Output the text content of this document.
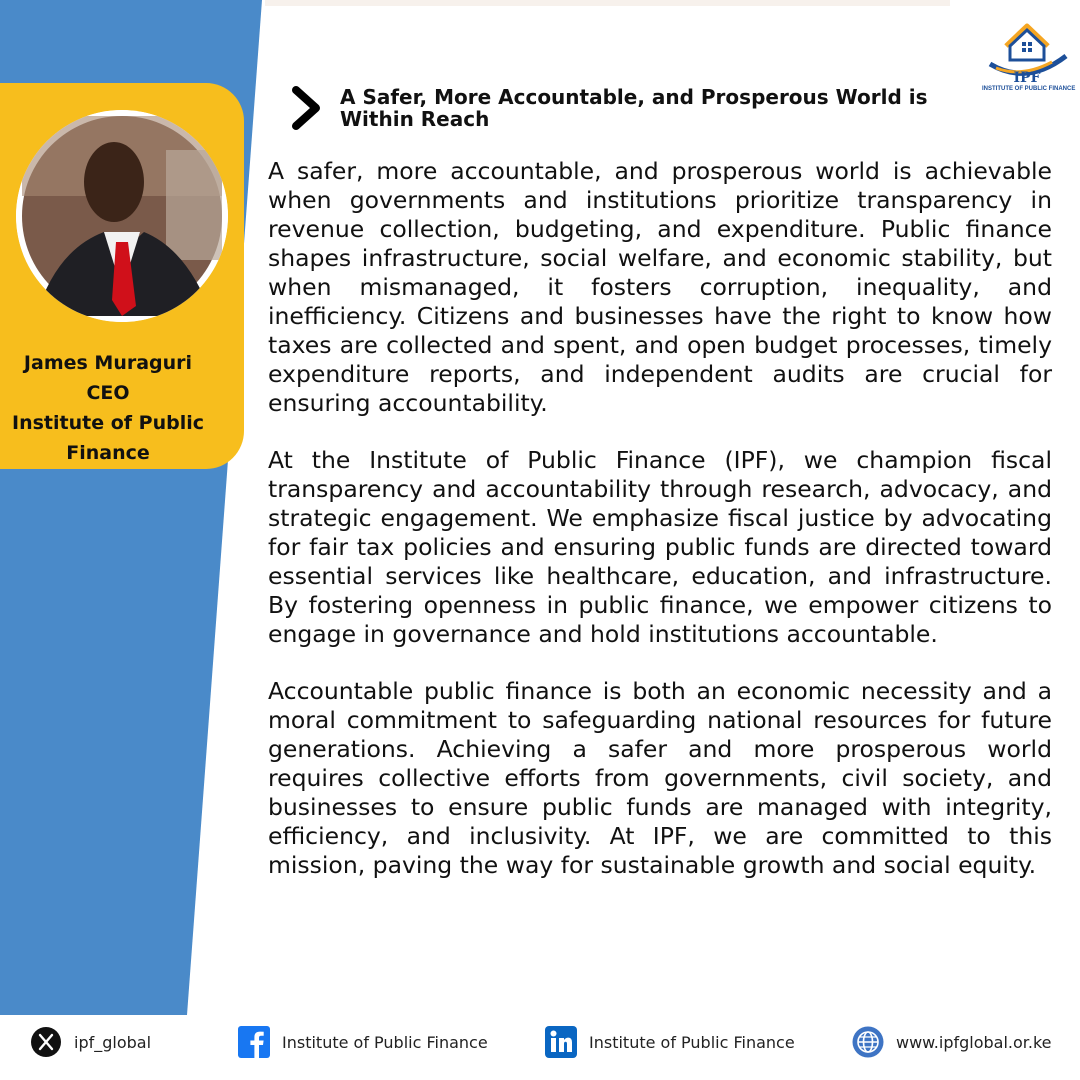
James Muraguri
CEO
Institute of Public
Finance
IPF
INSTITUTE OF PUBLIC FINANCE
A Safer, More Accountable, and Prosperous World is
Within Reach

A safer, more accountable, and prosperous world is achievable when governments and institutions prioritize transparency in revenue collection, budgeting, and expenditure. Public finance shapes infrastructure, social welfare, and economic stability, but when mismanaged, it fosters corruption, inequality, and inefficiency. Citizens and businesses have the right to know how taxes are collected and spent, and open budget processes, timely expenditure reports, and independent audits are crucial for ensuring accountability.

At the Institute of Public Finance (IPF), we champion fiscal transparency and accountability through research, advocacy, and strategic engagement. We emphasize fiscal justice by advocating for fair tax policies and ensuring public funds are directed toward essential services like healthcare, education, and infrastructure. By fostering openness in public finance, we empower citizens to engage in governance and hold institutions accountable.

Accountable public finance is both an economic necessity and a moral commitment to safeguarding national resources for future generations. Achieving a safer and more prosperous world requires collective efforts from governments, civil society, and businesses to ensure public funds are managed with integrity, efficiency, and inclusivity. At IPF, we are committed to this mission, paving the way for sustainable growth and social equity.

ipf_global	Institute of Public Finance	Institute of Public Finance	www.ipfglobal.or.ke
